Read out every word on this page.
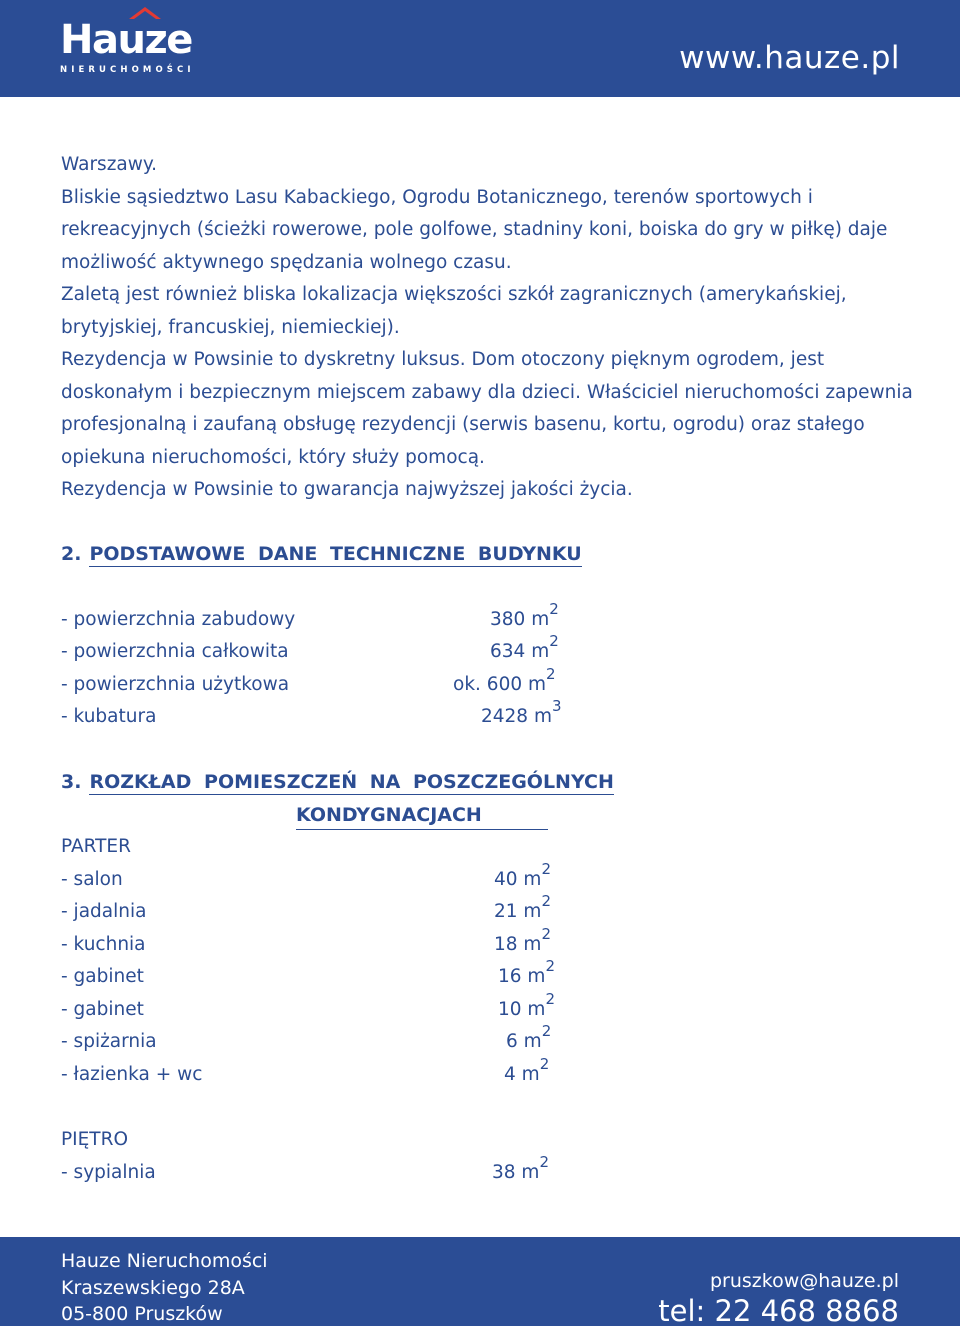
Hauze
NIERUCHOMOŚCI	www.hauze.pl

Warszawy.

Bliskie sąsiedztwo Lasu Kabackiego, Ogrodu Botanicznego, terenów sportowych i rekreacyjnych (ścieżki rowerowe, pole golfowe, stadniny koni, boiska do gry w piłkę) daje możliwość aktywnego spędzania wolnego czasu.

Zaletą jest również bliska lokalizacja większości szkół zagranicznych (amerykańskiej, brytyjskiej, francuskiej, niemieckiej).

Rezydencja w Powsinie to dyskretny luksus. Dom otoczony pięknym ogrodem, jest doskonałym i bezpiecznym miejscem zabawy dla dzieci. Właściciel nieruchomości zapewnia profesjonalną i zaufaną obsługę rezydencji (serwis basenu, kortu, ogrodu) oraz stałego opiekuna nieruchomości, który służy pomocą.

Rezydencja w Powsinie to gwarancja najwyższej jakości życia.

2. PODSTAWOWE DANE TECHNICZNE BUDYNKU
- powierzchnia zabudowy	380 $m^2$
- powierzchnia całkowita	634 $m^2$
- powierzchnia użytkowa	ok. 600 $m^2$
- kubatura	2428 $m^3$
3. ROZKŁAD POMIESZCZEŃ NA POSZCZEGÓLNYCH
KONDYGNACJACH
PARTER
- salon	40 $m^2$
- jadalnia	21 $m^2$
- kuchnia	18 $m^2$
- gabinet	16 $m^2$
- gabinet	10 $m^2$
- spiżarnia	6 $m^2$
- łazienka + wc	4 $m^2$
PIĘTRO
- sypialnia	38 $m^2$
Hauze Nieruchomości
Kraszewskiego 28A
05-800 Pruszków
pruszkow@hauze.pl
tel: 22 468 8868
